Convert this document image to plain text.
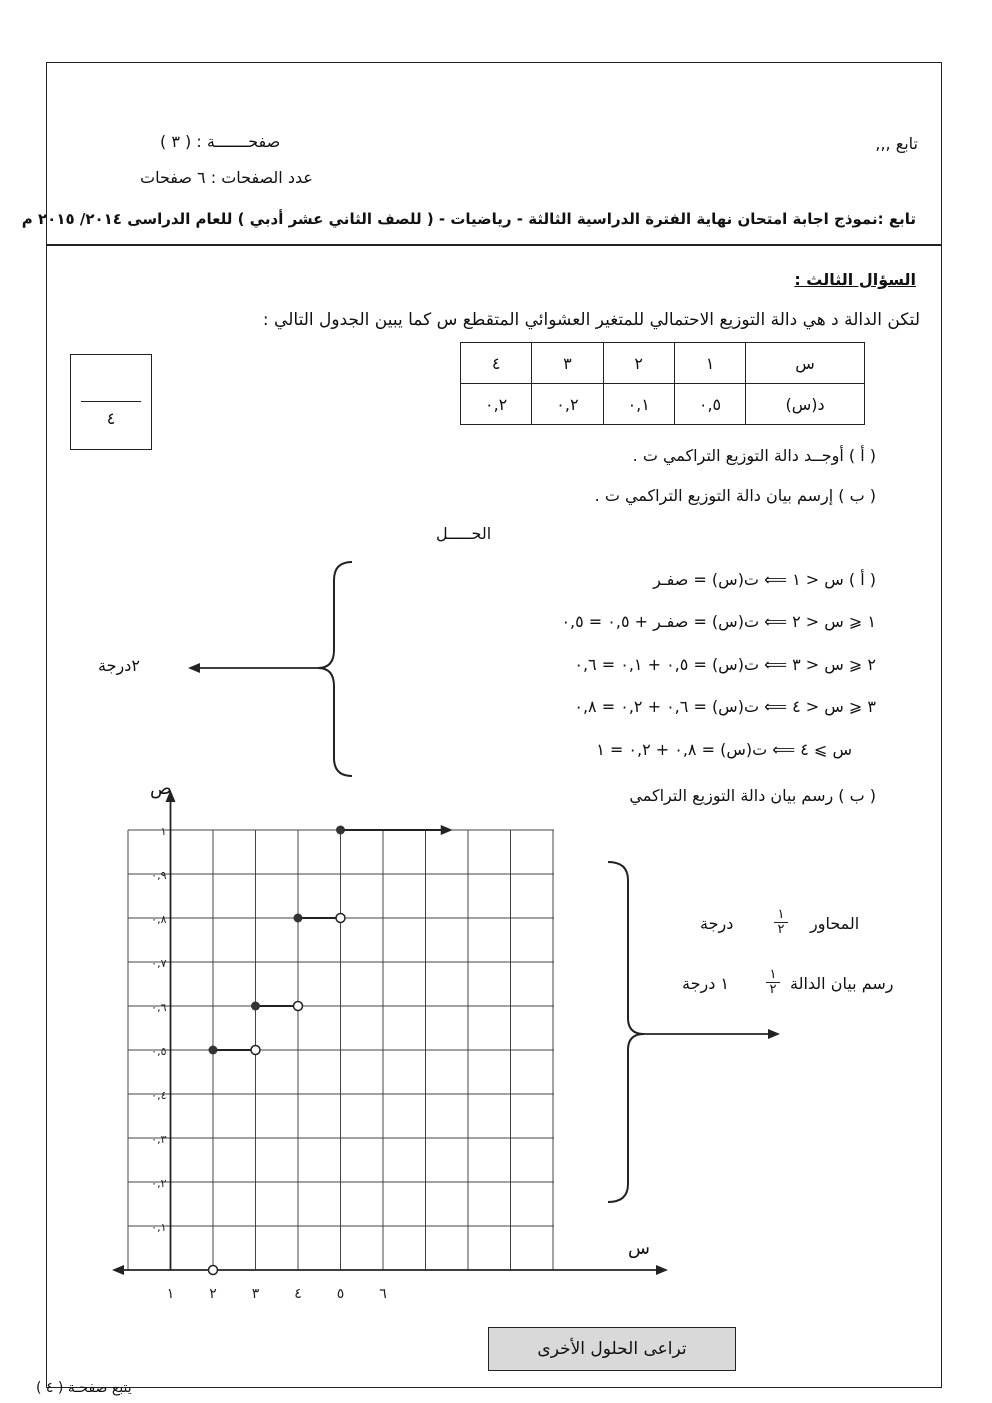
تابع ,,,
صفحـــــــة : ( ٣ )
عدد الصفحات : ٦ صفحات
تابع :نموذج اجابة امتحان نهاية الفترة الدراسية الثالثة - رياضيات - ( للصف الثاني عشر أدبي ) للعام الدراسى ٢٠١٤/ ٢٠١٥ م
السؤال الثالث :
لتكن الدالة د هي دالة التوزيع الاحتمالي للمتغير العشوائي المتقطع س كما يبين الجدول التالي :
٤	٣	٢	١	س
٠,٢	٠,٢	٠,١	٠,٥	د(س)
٤
( أ ) أوجــد دالة التوزيع التراكمي ت .
( ب ) إرسم بيان دالة التوزيع التراكمي ت .
الحـــــل
( أ ) س < ١ ⟸ ت(س) = صفـر
١ ⩽ س < ٢ ⟸ ت(س) = صفـر + ٠,٥ = ٠,٥
٢ ⩽ س < ٣ ⟸ ت(س) = ٠,٥ + ٠,١ = ٠,٦
٣ ⩽ س < ٤ ⟸ ت(س) = ٠,٦ + ٠,٢ = ٠,٨
س ⩾ ٤ ⟸ ت(س) = ٠,٨ + ٠,٢ = ١
٢درجة
( ب ) رسم بيان دالة التوزيع التراكمي
المحاور
١
٢
درجة
رسم بيان الدالة
١
٢
١ درجة
١ ٢ ٣ ٤ ٥ ٦
٠,١
٠,٢
٠,٣
٠,٤
٠,٥
٠,٦
٠,٧
٠,٨
٠,٩
١
ص
س
تراعى الحلول الأخرى
يتبع صفحـة ( ٤ )
